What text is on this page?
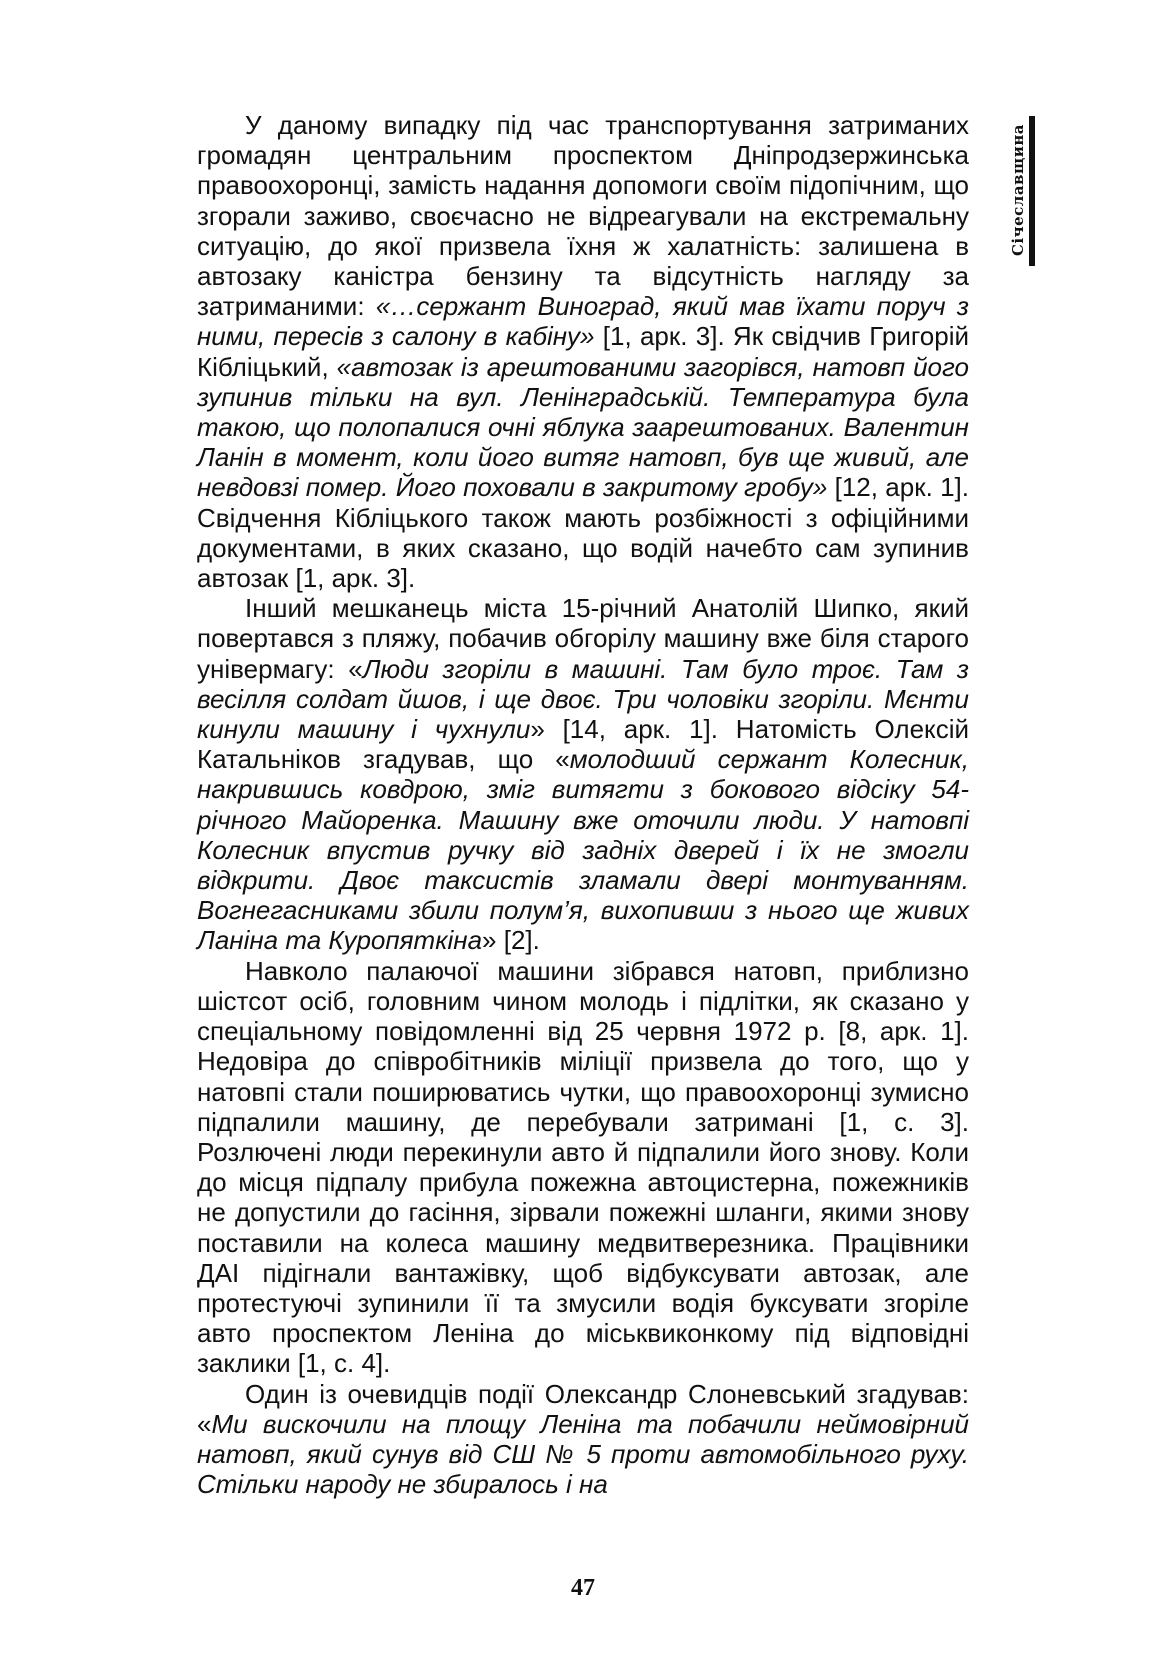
Січеславщина

У даному випадку під час транспортування затриманих громадян центральним проспектом Дніпродзержинська правоохоронці, замість надання допомоги своїм підопічним, що згорали заживо, своєчасно не відреагували на екстремальну ситуацію, до якої призвела їхня ж халатність: залишена в автозаку каністра бензину та відсутність нагляду за затриманими: «…сержант Виноград, який мав їхати поруч з ними, пересів з салону в кабіну» [1, арк. 3]. Як свідчив Григорій Кібліцький, «автозак із арештованими загорівся, натовп його зупинив тільки на вул. Ленінградській. Температура була такою, що полопалися очні яблука заарештованих. Валентин Ланін в момент, коли його витяг натовп, був ще живий, але невдовзі помер. Його поховали в закритому гробу» [12, арк. 1]. Свідчення Кібліцького також мають розбіжності з офіційними документами, в яких сказано, що водій начебто сам зупинив автозак [1, арк. 3].

Інший мешканець міста 15-річний Анатолій Шипко, який повертався з пляжу, побачив обгорілу машину вже біля старого універмагу: «Люди згоріли в машині. Там було троє. Там з весілля солдат йшов, і ще двоє. Три чоловіки згоріли. Мєнти кинули машину і чухнули» [14, арк. 1]. Натомість Олексій Катальніков згадував, що «молодший сержант Колесник, накрившись ковдрою, зміг витягти з бокового відсіку 54-річного Майоренка. Машину вже оточили люди. У натовпі Колесник впустив ручку від задніх дверей і їх не змогли відкрити. Двоє таксистів зламали двері монтуванням. Вогнегасниками збили полум’я, вихопивши з нього ще живих Ланіна та Куропяткіна» [2].

Навколо палаючої машини зібрався натовп, приблизно шістсот осіб, головним чином молодь і підлітки, як сказано у спеціальному повідомленні від 25 червня 1972 р. [8, арк. 1]. Недовіра до співробітників міліції призвела до того, що у натовпі стали поширюватись чутки, що правоохоронці зумисно підпалили машину, де перебували затримані [1, с. 3]. Розлючені люди перекинули авто й підпалили його знову. Коли до місця підпалу прибула пожежна автоцистерна, пожежників не допустили до гасіння, зірвали пожежні шланги, якими знову поставили на колеса машину медвитверезника. Працівники ДАІ підігнали вантажівку, щоб відбуксувати автозак, але протестуючі зупинили її та змусили водія буксувати згоріле авто проспектом Леніна до міськвиконкому під відповідні заклики [1, с. 4].

Один із очевидців події Олександр Слоневський згадував: «Ми вискочили на площу Леніна та побачили неймовірний натовп, який сунув від СШ № 5 проти автомобільного руху. Стільки народу не збиралось і на

47
